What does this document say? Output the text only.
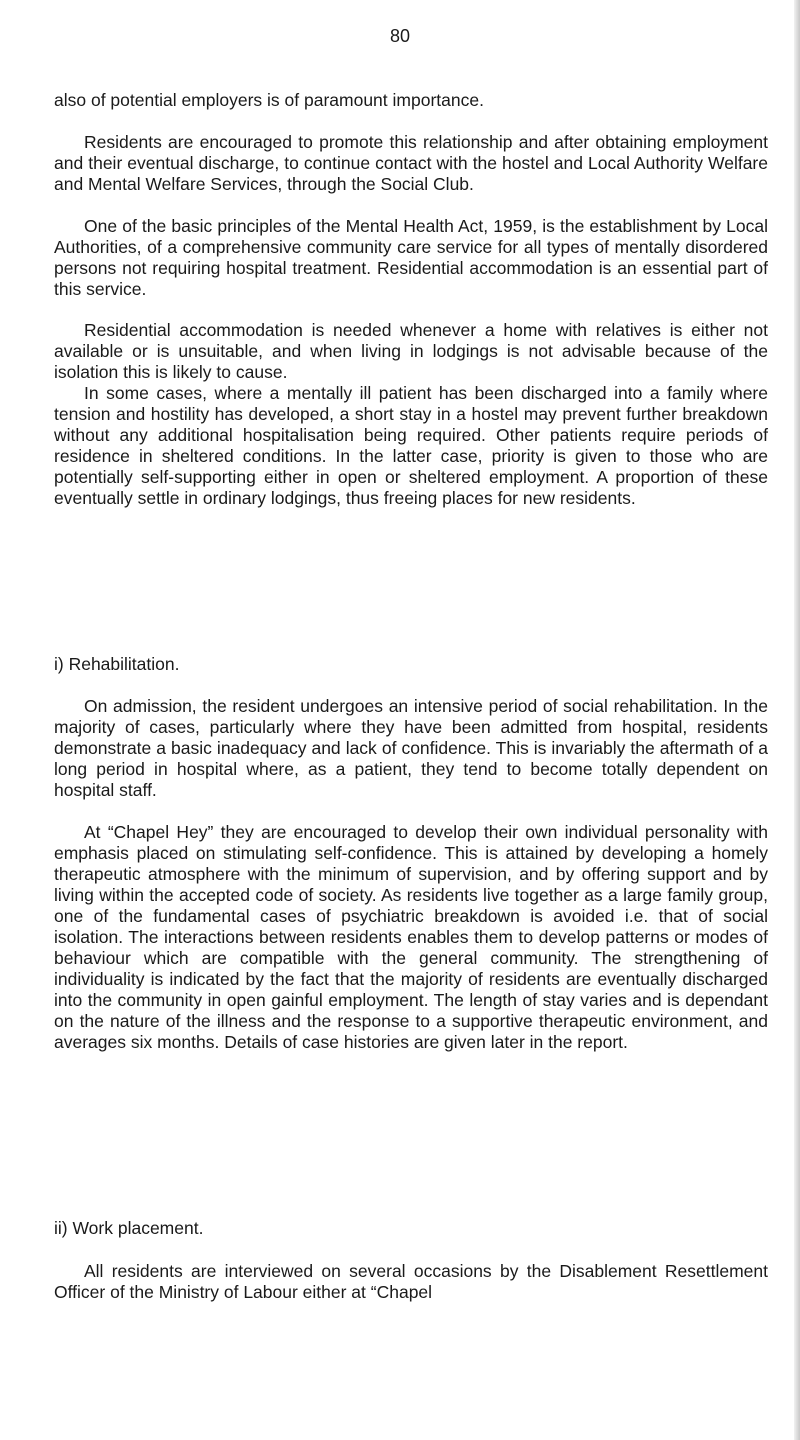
80

also of potential employers is of paramount importance.

Residents are encouraged to promote this relationship and after obtaining employment and their eventual discharge, to continue contact with the hostel and Local Authority Welfare and Mental Welfare Services, through the Social Club.

One of the basic principles of the Mental Health Act, 1959, is the establishment by Local Authorities, of a comprehensive community care service for all types of mentally disordered persons not requiring hospital treatment. Residential accommodation is an essential part of this service.

Residential accommodation is needed whenever a home with relatives is either not available or is unsuitable, and when living in lodgings is not advisable because of the isolation this is likely to cause.

In some cases, where a mentally ill patient has been discharged into a family where tension and hostility has developed, a short stay in a hostel may prevent further breakdown without any additional hospitalisation being required. Other patients require periods of residence in sheltered conditions. In the latter case, priority is given to those who are potentially self-supporting either in open or sheltered employment. A proportion of these eventually settle in ordinary lodgings, thus freeing places for new residents.

i) Rehabilitation.

On admission, the resident undergoes an intensive period of social rehabilitation. In the majority of cases, particularly where they have been admitted from hospital, residents demonstrate a basic inadequacy and lack of confidence. This is invariably the aftermath of a long period in hospital where, as a patient, they tend to become totally dependent on hospital staff.

At “Chapel Hey” they are encouraged to develop their own individual personality with emphasis placed on stimulating self-confidence. This is attained by developing a homely therapeutic atmosphere with the minimum of supervision, and by offering support and by living within the accepted code of society. As residents live together as a large family group, one of the fundamental cases of psychiatric breakdown is avoided i.e. that of social isolation. The interactions between residents enables them to develop patterns or modes of behaviour which are compatible with the general community. The strengthening of individuality is indicated by the fact that the majority of residents are eventually discharged into the community in open gainful employment. The length of stay varies and is dependant on the nature of the illness and the response to a supportive therapeutic environment, and averages six months. Details of case histories are given later in the report.

ii) Work placement.

All residents are interviewed on several occasions by the Disablement Resettlement Officer of the Ministry of Labour either at “Chapel
